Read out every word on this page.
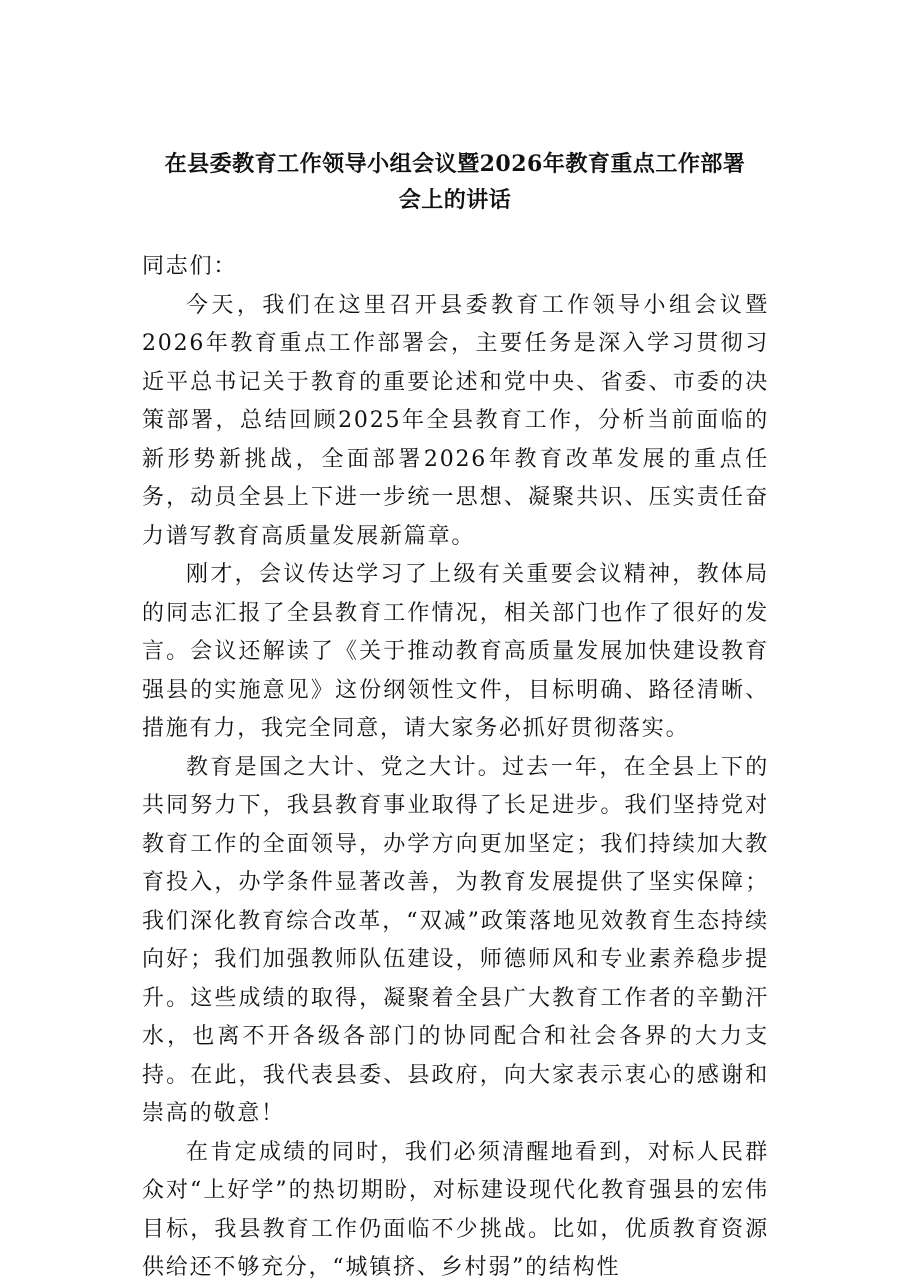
在县委教育工作领导小组会议暨2026年教育重点工作部署
会上的讲话

同志们：

今天，我们在这里召开县委教育工作领导小组会议暨2026年教育重点工作部署会，主要任务是深入学习贯彻习近平总书记关于教育的重要论述和党中央、省委、市委的决策部署，总结回顾2025年全县教育工作，分析当前面临的新形势新挑战，全面部署2026年教育改革发展的重点任务，动员全县上下进一步统一思想、凝聚共识、压实责任奋力谱写教育高质量发展新篇章。

刚才，会议传达学习了上级有关重要会议精神，教体局的同志汇报了全县教育工作情况，相关部门也作了很好的发言。会议还解读了《关于推动教育高质量发展加快建设教育强县的实施意见》这份纲领性文件，目标明确、路径清晰、措施有力，我完全同意，请大家务必抓好贯彻落实。

教育是国之大计、党之大计。过去一年，在全县上下的共同努力下，我县教育事业取得了长足进步。我们坚持党对教育工作的全面领导，办学方向更加坚定；我们持续加大教育投入，办学条件显著改善，为教育发展提供了坚实保障；我们深化教育综合改革，“双减”政策落地见效教育生态持续向好；我们加强教师队伍建设，师德师风和专业素养稳步提升。这些成绩的取得，凝聚着全县广大教育工作者的辛勤汗水，也离不开各级各部门的协同配合和社会各界的大力支持。在此，我代表县委、县政府，向大家表示衷心的感谢和崇高的敬意！

在肯定成绩的同时，我们必须清醒地看到，对标人民群众对“上好学”的热切期盼，对标建设现代化教育强县的宏伟目标，我县教育工作仍面临不少挑战。比如，优质教育资源供给还不够充分，“城镇挤、乡村弱”的结构性
